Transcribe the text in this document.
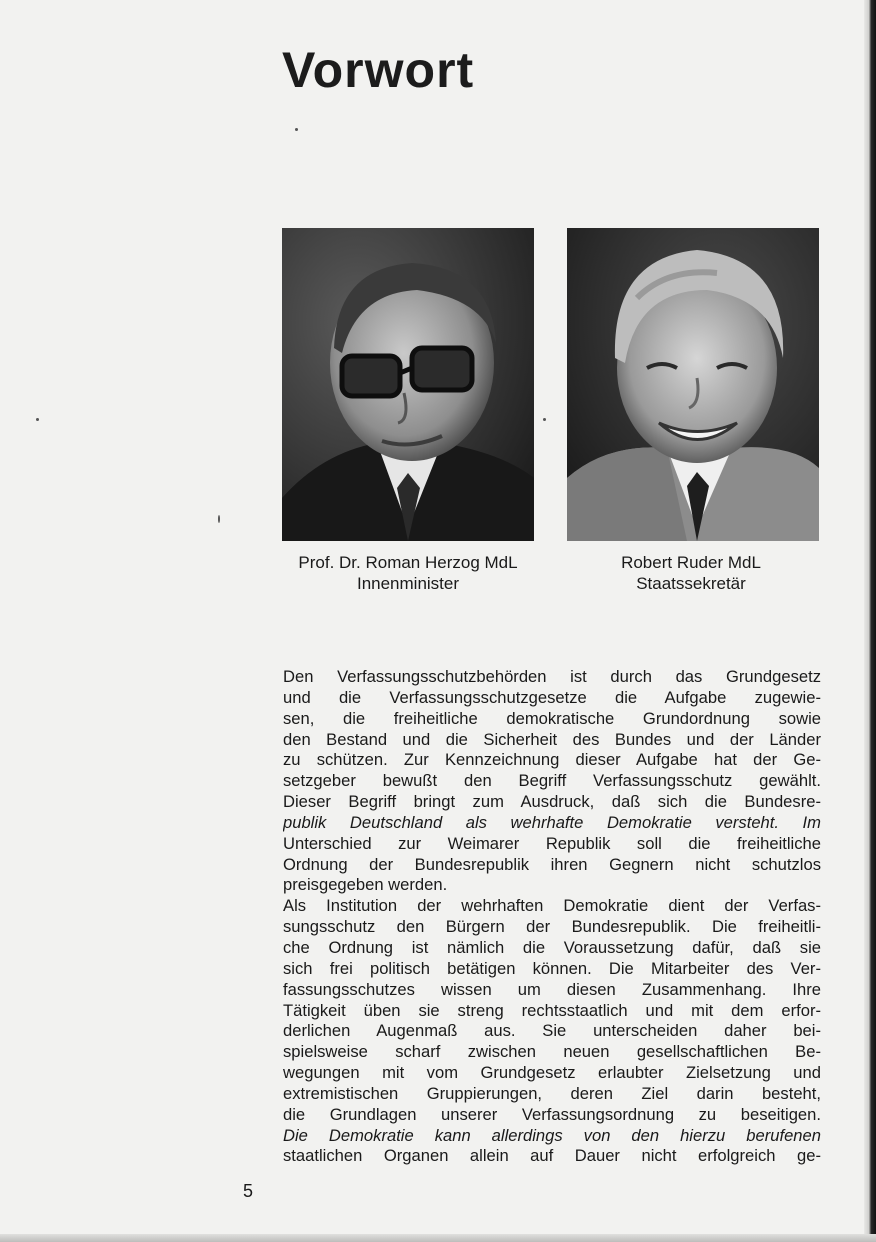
Vorwort
Prof. Dr. Roman Herzog MdL
Innenminister
Robert Ruder MdL
Staatssekretär
Den Verfassungsschutzbehörden ist durch das Grundgesetz
und die Verfassungsschutzgesetze die Aufgabe zugewie-
sen, die freiheitliche demokratische Grundordnung sowie
den Bestand und die Sicherheit des Bundes und der Länder
zu schützen. Zur Kennzeichnung dieser Aufgabe hat der Ge-
setzgeber bewußt den Begriff Verfassungsschutz gewählt.
Dieser Begriff bringt zum Ausdruck, daß sich die Bundesre-
publik Deutschland als wehrhafte Demokratie versteht. Im
Unterschied zur Weimarer Republik soll die freiheitliche
Ordnung der Bundesrepublik ihren Gegnern nicht schutzlos
preisgegeben werden.
Als Institution der wehrhaften Demokratie dient der Verfas-
sungsschutz den Bürgern der Bundesrepublik. Die freiheitli-
che Ordnung ist nämlich die Voraussetzung dafür, daß sie
sich frei politisch betätigen können. Die Mitarbeiter des Ver-
fassungsschutzes wissen um diesen Zusammenhang. Ihre
Tätigkeit üben sie streng rechtsstaatlich und mit dem erfor-
derlichen Augenmaß aus. Sie unterscheiden daher bei-
spielsweise scharf zwischen neuen gesellschaftlichen Be-
wegungen mit vom Grundgesetz erlaubter Zielsetzung und
extremistischen Gruppierungen, deren Ziel darin besteht,
die Grundlagen unserer Verfassungsordnung zu beseitigen.
Die Demokratie kann allerdings von den hierzu berufenen
staatlichen Organen allein auf Dauer nicht erfolgreich ge-
5
